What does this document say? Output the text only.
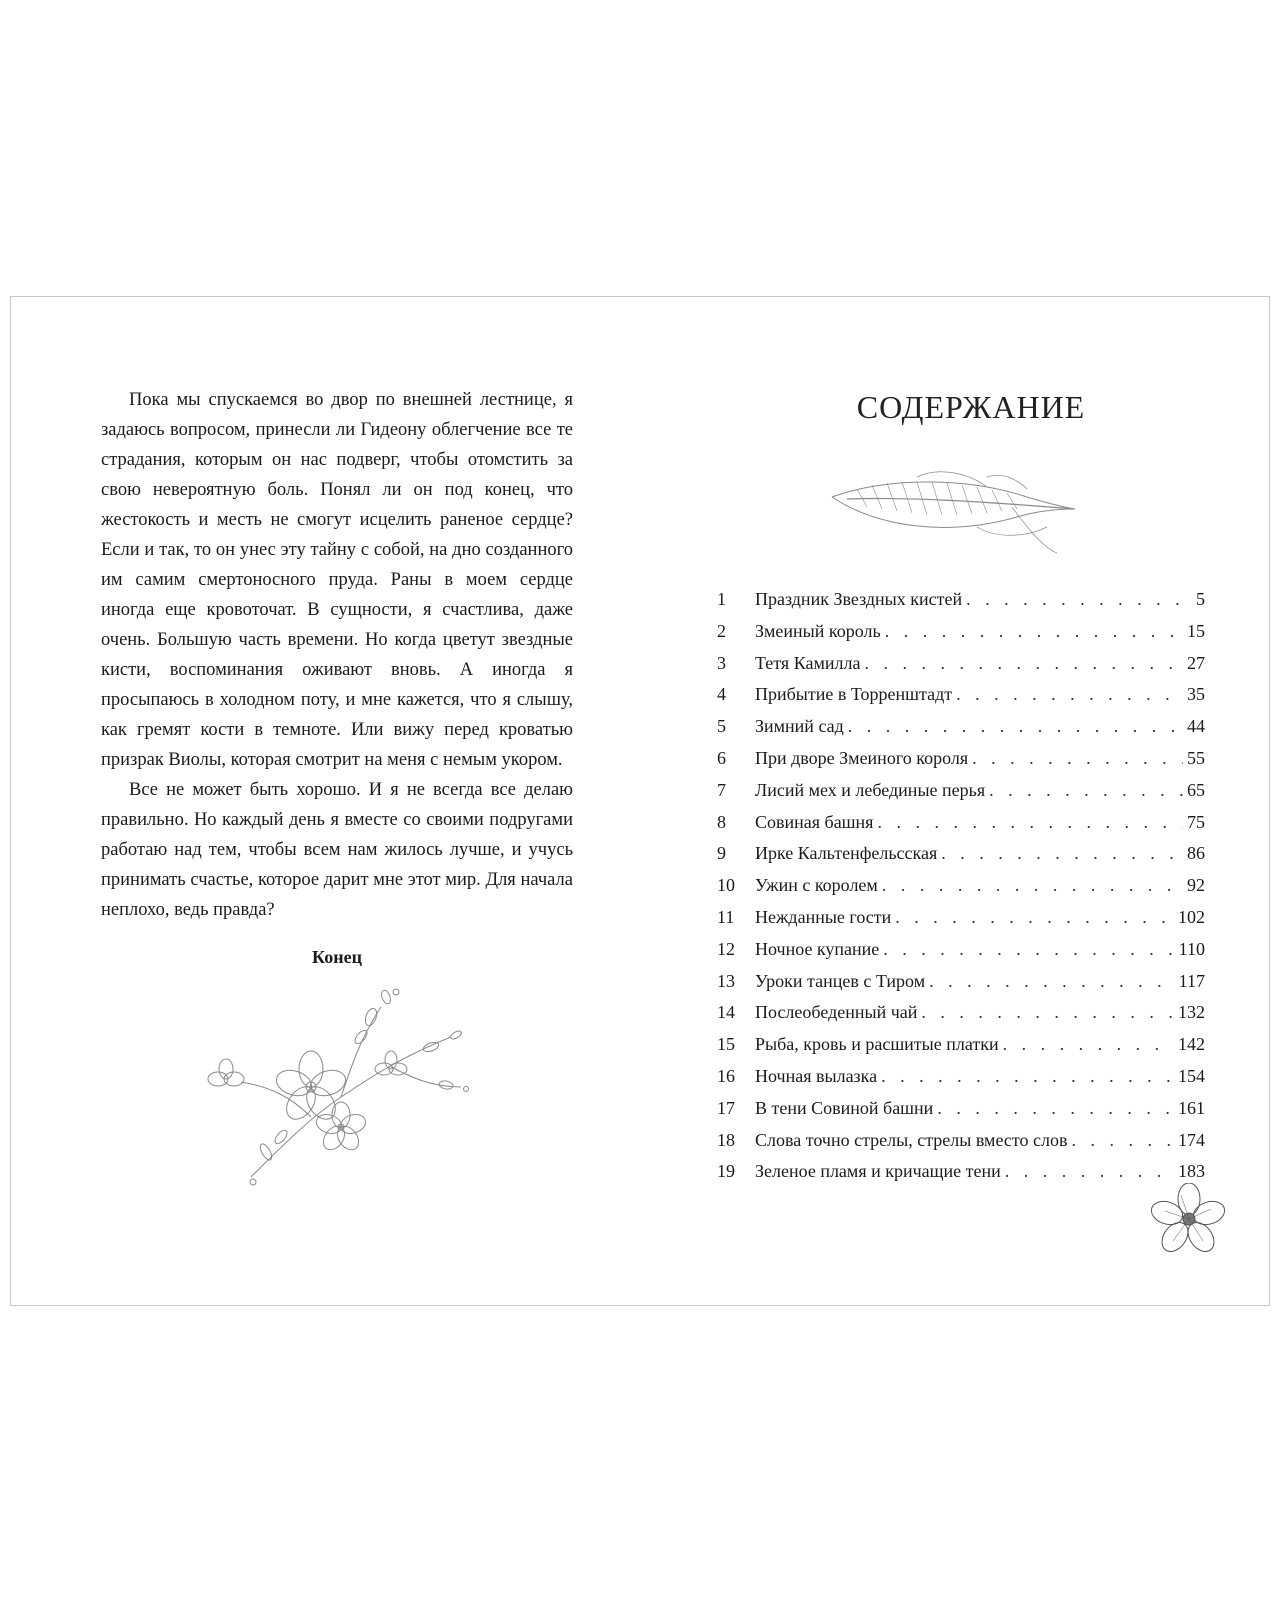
Пока мы спускаемся во двор по внешней лестнице, я задаюсь вопросом, принесли ли Гидеону облегчение все те страдания, которым он нас подверг, чтобы отомстить за свою невероятную боль. Понял ли он под конец, что жестокость и месть не смогут исцелить раненое сердце? Если и так, то он унес эту тайну с собой, на дно созданного им самим смертоносного пруда. Раны в моем сердце иногда еще кровоточат. В сущности, я счастлива, даже очень. Большую часть времени. Но когда цветут звездные кисти, воспоминания оживают вновь. А иногда я просыпаюсь в холодном поту, и мне кажется, что я слышу, как гремят кости в темноте. Или вижу перед кроватью призрак Виолы, которая смотрит на меня с немым укором.

Все не может быть хорошо. И я не всегда все делаю правильно. Но каждый день я вместе со своими подругами работаю над тем, чтобы всем нам жилось лучше, и учусь принимать счастье, которое дарит мне этот мир. Для начала неплохо, ведь правда?

Конец
СОДЕРЖАНИЕ
1	Праздник Звездных кистей . . .	5
2	Змеиный король . . .	15
3	Тетя Камилла . . .	27
4	Прибытие в Торренштадт . . .	35
5	Зимний сад . . .	44
6	При дворе Змеиного короля . . .	55
7	Лисий мех и лебединые перья . . .	65
8	Совиная башня . . .	75
9	Ирке Кальтенфельсская . . .	86
10	Ужин с королем . . .	92
11	Нежданные гости . . .	102
12	Ночное купание . . .	110
13	Уроки танцев с Тиром . . .	117
14	Послеобеденный чай . . .	132
15	Рыба, кровь и расшитые платки . . .	142
16	Ночная вылазка . . .	154
17	В тени Совиной башни . . .	161
18	Слова точно стрелы, стрелы вместо слов . . .	174
19	Зеленое пламя и кричащие тени . . .	183
